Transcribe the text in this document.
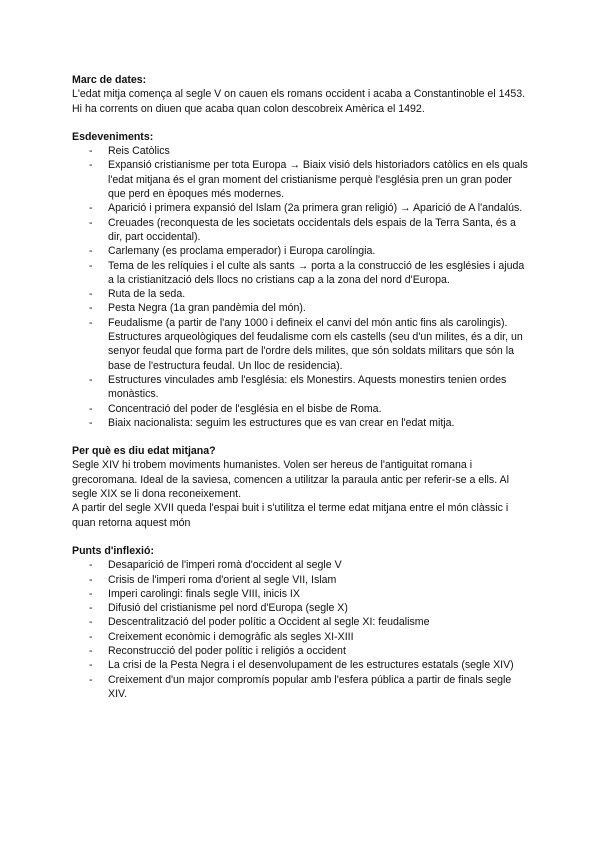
Marc de dates:

L'edat mitja comença al segle V on cauen els romans occident i acaba a Constantinoble el 1453. Hi ha corrents on diuen que acaba quan colon descobreix Amèrica el 1492.

Esdeveniments:
- Reis Catòlics
- Expansió cristianisme per tota Europa → Biaix visió dels historiadors catòlics en els quals l'edat mitjana és el gran moment del cristianisme perquè l'església pren un gran poder que perd en èpoques més modernes.
- Aparició i primera expansió del Islam (2a primera gran religió) → Aparició de A l'andalús.
- Creuades (reconquesta de les societats occidentals dels espais de la Terra Santa, és a dir, part occidental).
- Carlemany (es proclama emperador) i Europa carolíngia.
- Tema de les relíquies i el culte als sants → porta a la construcció de les esglésies i ajuda a la cristianització dels llocs no cristians cap a la zona del nord d'Europa.
- Ruta de la seda.
- Pesta Negra (1a gran pandèmia del món).
- Feudalisme (a partir de l'any 1000 i defineix el canvi del món antic fins als carolingis). Estructures arqueològiques del feudalisme com els castells (seu d'un milites, és a dir, un senyor feudal que forma part de l'ordre dels milites, que són soldats militars que són la base de l'estructura feudal. Un lloc de residencia).
- Estructures vinculades amb l'església: els Monestirs. Aquests monestirs tenien ordes monàstics.
- Concentració del poder de l'església en el bisbe de Roma.
- Biaix nacionalista: seguim les estructures que es van crear en l'edat mitja.
Per què es diu edat mitjana?

Segle XIV hi trobem moviments humanistes. Volen ser hereus de l'antiguitat romana i grecoromana. Ideal de la saviesa, comencen a utilitzar la paraula antic per referir-se a ells. Al segle XIX se li dona reconeixement.

A partir del segle XVII queda l'espai buit i s'utilitza el terme edat mitjana entre el món clàssic i quan retorna aquest món

Punts d'inflexió:
- Desaparició de l'imperi romà d'occident al segle V
- Crisis de l'imperi roma d'orient al segle VII, Islam
- Imperi carolingi: finals segle VIII, inicis IX
- Difusió del cristianisme pel nord d'Europa (segle X)
- Descentralització del poder polític a Occident al segle XI: feudalisme
- Creixement econòmic i demogràfic als segles XI-XIII
- Reconstrucció del poder polític i religiós a occident
- La crisi de la Pesta Negra i el desenvolupament de les estructures estatals (segle XIV)
- Creixement d'un major compromís popular amb l'esfera pública a partir de finals segle XIV.
